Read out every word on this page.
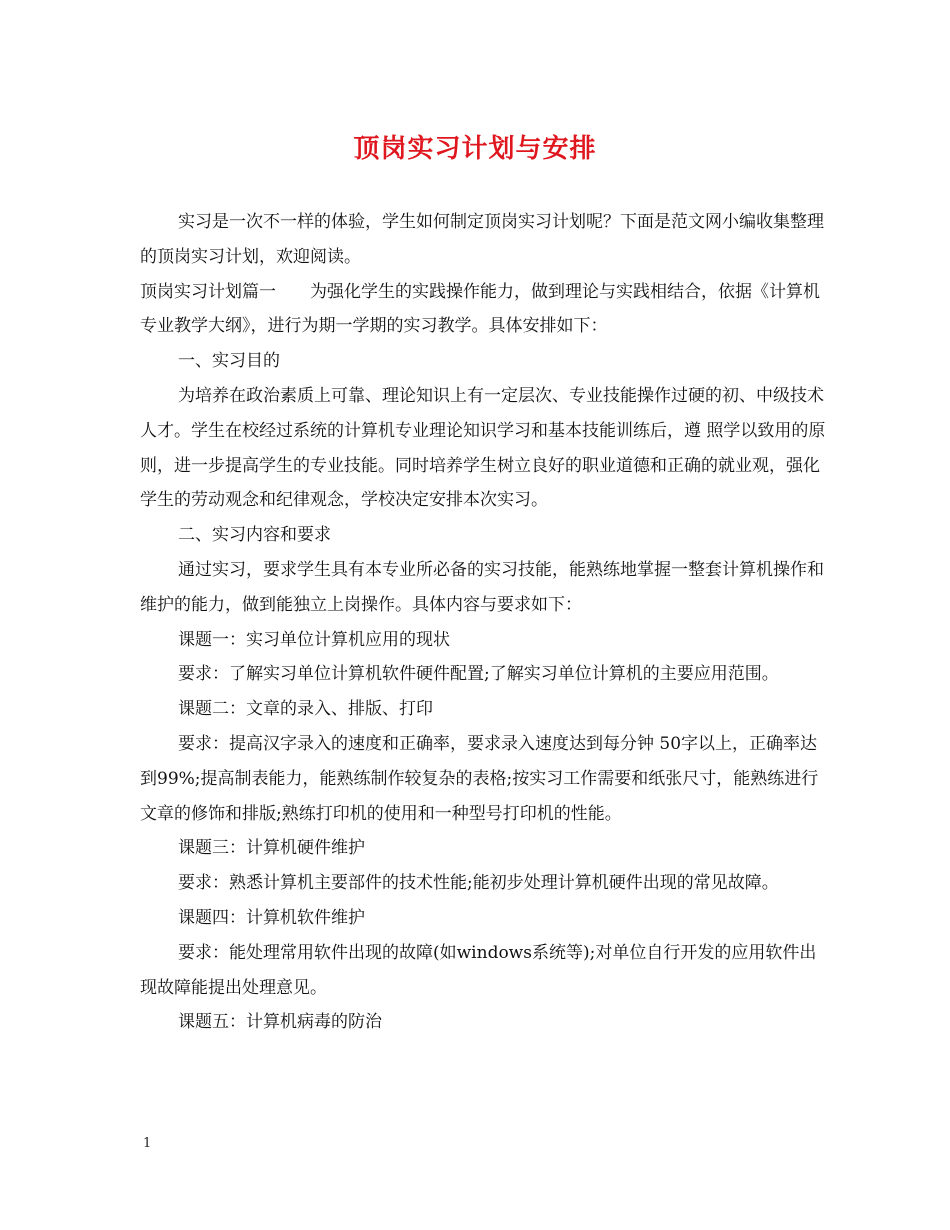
顶岗实习计划与安排

实习是一次不一样的体验，学生如何制定顶岗实习计划呢？下面是范文网小编收集整理的顶岗实习计划，欢迎阅读。

顶岗实习计划篇一　　为强化学生的实践操作能力，做到理论与实践相结合，依据《计算机专业教学大纲》，进行为期一学期的实习教学。具体安排如下：

一、实习目的

为培养在政治素质上可靠、理论知识上有一定层次、专业技能操作过硬的初、中级技术人才。学生在校经过系统的计算机专业理论知识学习和基本技能训练后，遵 照学以致用的原则，进一步提高学生的专业技能。同时培养学生树立良好的职业道德和正确的就业观，强化学生的劳动观念和纪律观念，学校决定安排本次实习。

二、实习内容和要求

通过实习，要求学生具有本专业所必备的实习技能，能熟练地掌握一整套计算机操作和维护的能力，做到能独立上岗操作。具体内容与要求如下：

课题一：实习单位计算机应用的现状

要求：了解实习单位计算机软件硬件配置;了解实习单位计算机的主要应用范围。

课题二：文章的录入、排版、打印

要求：提高汉字录入的速度和正确率，要求录入速度达到每分钟 50字以上，正确率达到99%;提高制表能力，能熟练制作较复杂的表格;按实习工作需要和纸张尺寸，能熟练进行文章的修饰和排版;熟练打印机的使用和一种型号打印机的性能。

课题三：计算机硬件维护

要求：熟悉计算机主要部件的技术性能;能初步处理计算机硬件出现的常见故障。

课题四：计算机软件维护

要求：能处理常用软件出现的故障(如windows系统等);对单位自行开发的应用软件出现故障能提出处理意见。

课题五：计算机病毒的防治

1
